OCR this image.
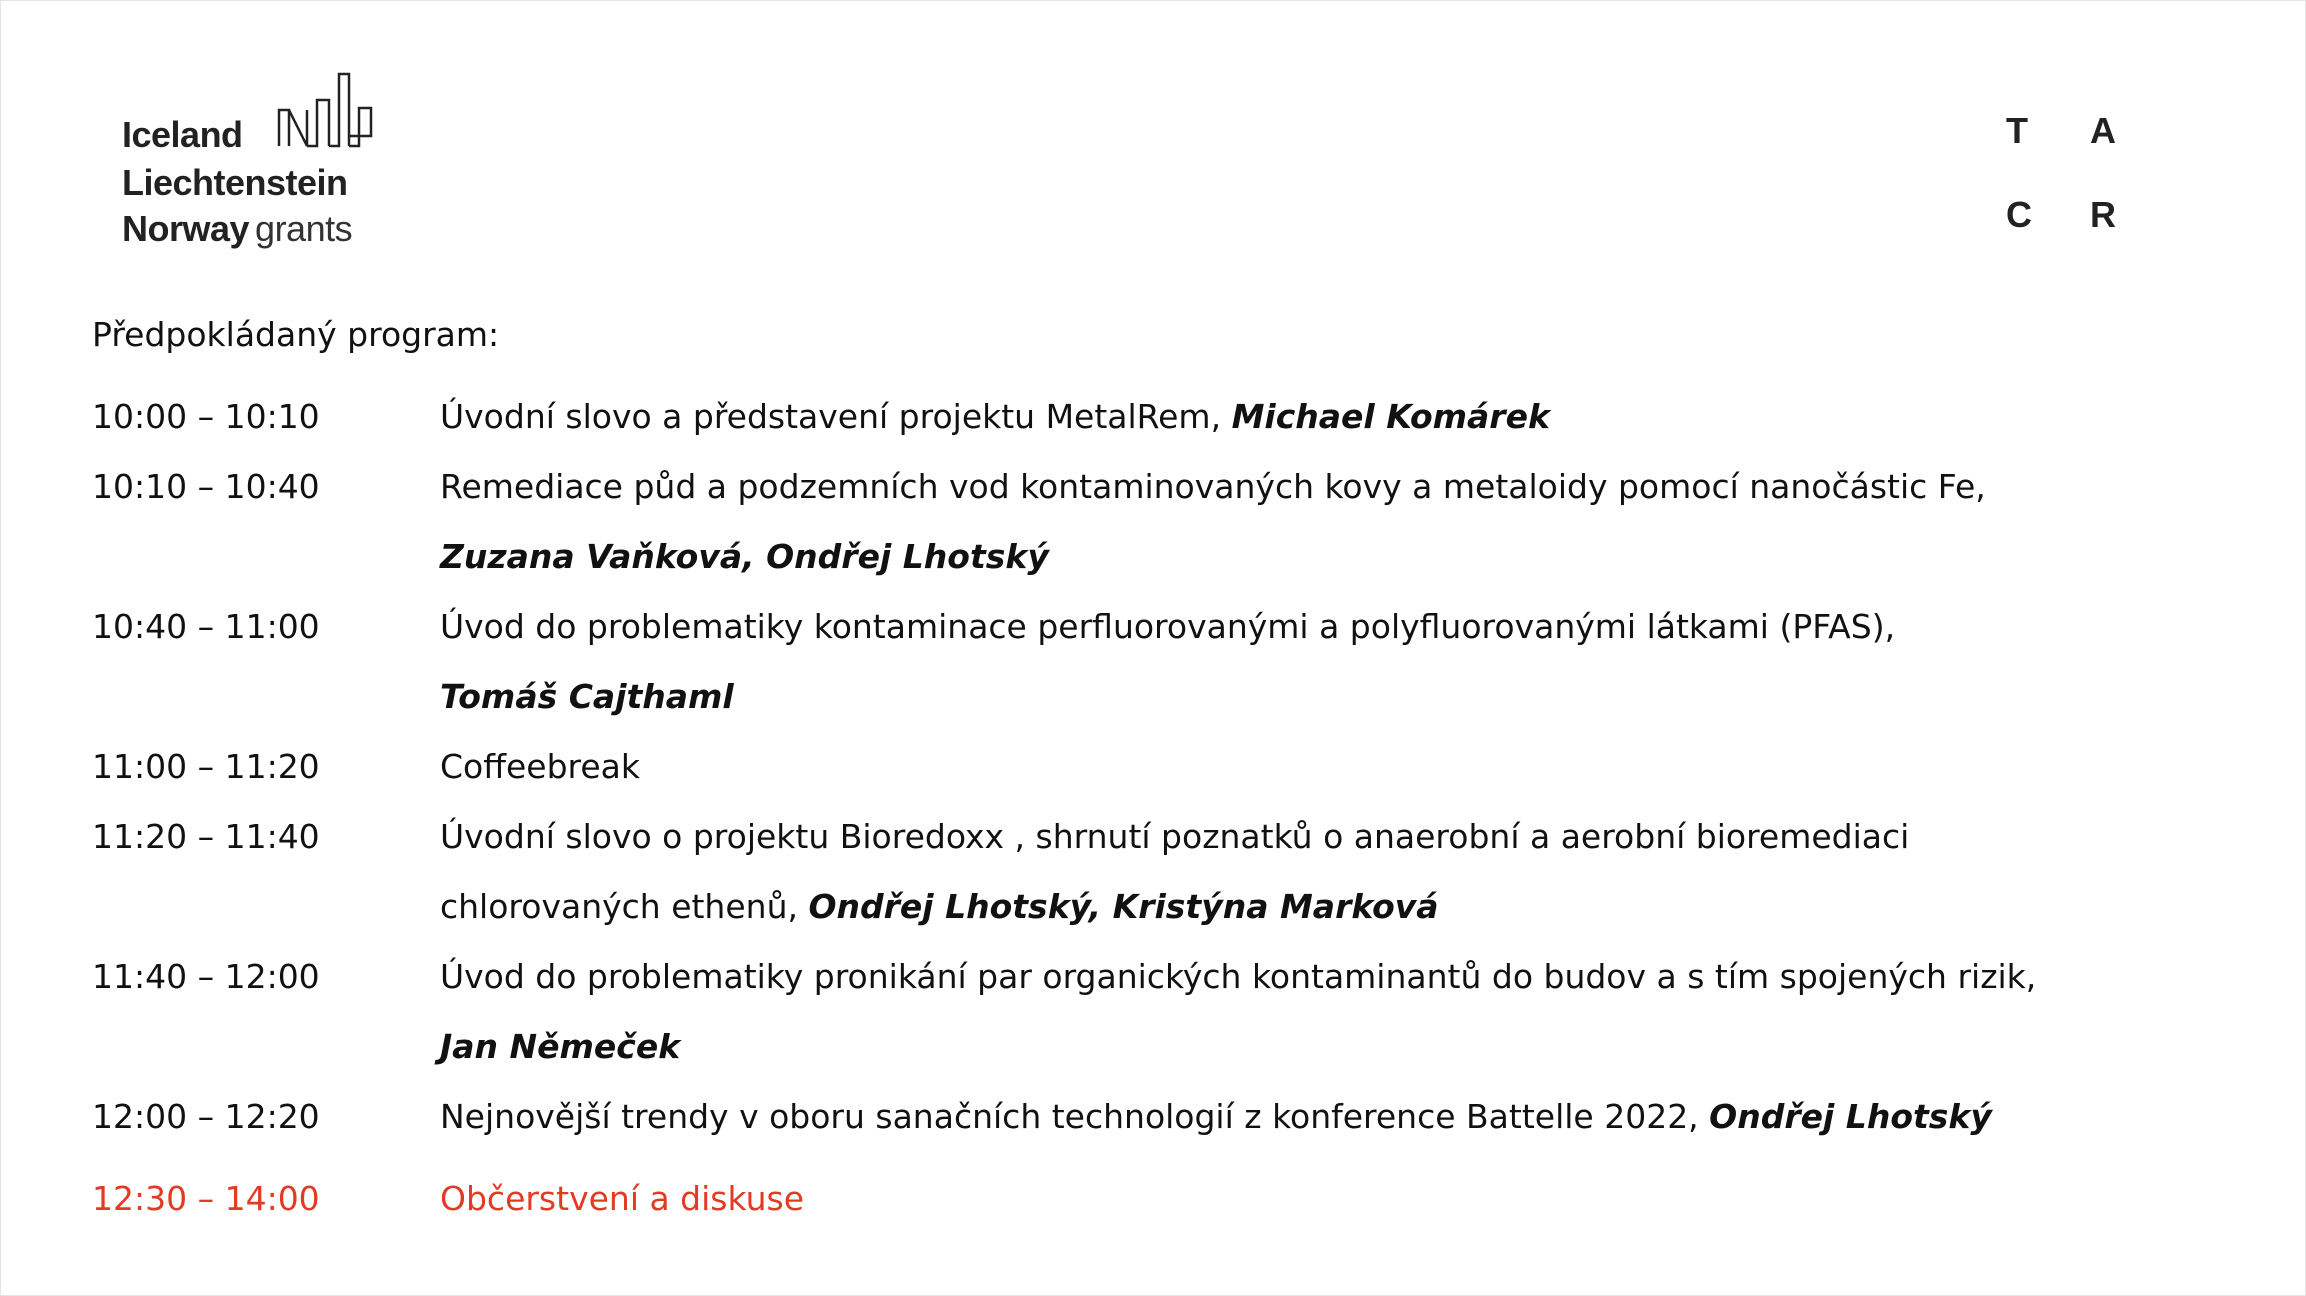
Iceland
Liechtenstein
Norway grants
T A
C R
Předpokládaný program:
10:00 – 10:10	Úvodní slovo a představení projektu MetalRem, Michael Komárek
10:10 – 10:40	Remediace půd a podzemních vod kontaminovaných kovy a metaloidy pomocí nanočástic Fe,
Zuzana Vaňková, Ondřej Lhotský
10:40 – 11:00	Úvod do problematiky kontaminace perfluorovanými a polyfluorovanými látkami (PFAS),
Tomáš Cajthaml
11:00 – 11:20	Coffeebreak
11:20 – 11:40	Úvodní slovo o projektu Bioredoxx , shrnutí poznatků o anaerobní a aerobní bioremediaci
chlorovaných ethenů, Ondřej Lhotský, Kristýna Marková
11:40 – 12:00	Úvod do problematiky pronikání par organických kontaminantů do budov a s tím spojených rizik,
Jan Němeček
12:00 – 12:20	Nejnovější trendy v oboru sanačních technologií z konference Battelle 2022, Ondřej Lhotský
12:30 – 14:00	Občerstvení a diskuse
